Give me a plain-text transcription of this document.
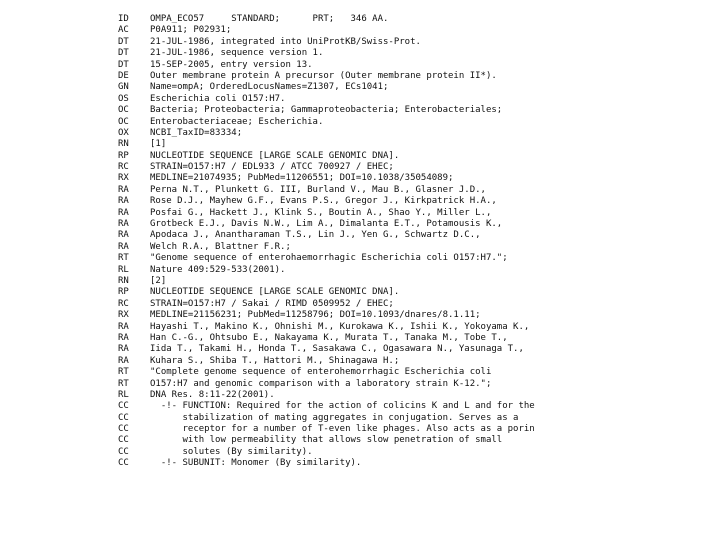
ID OMPA_ECO57     STANDARD;      PRT;   346 AA.
AC P0A911; P02931;
DT 21-JUL-1986, integrated into UniProtKB/Swiss-Prot.
DT 21-JUL-1986, sequence version 1.
DT 15-SEP-2005, entry version 13.
DE Outer membrane protein A precursor (Outer membrane protein II*).
GN Name=ompA; OrderedLocusNames=Z1307, ECs1041;
OS Escherichia coli O157:H7.
OC Bacteria; Proteobacteria; Gammaproteobacteria; Enterobacteriales;
OC Enterobacteriaceae; Escherichia.
OX NCBI_TaxID=83334;
RN [1]
RP NUCLEOTIDE SEQUENCE [LARGE SCALE GENOMIC DNA].
RC STRAIN=O157:H7 / EDL933 / ATCC 700927 / EHEC;
RX MEDLINE=21074935; PubMed=11206551; DOI=10.1038/35054089;
RA Perna N.T., Plunkett G. III, Burland V., Mau B., Glasner J.D.,
RA Rose D.J., Mayhew G.F., Evans P.S., Gregor J., Kirkpatrick H.A.,
RA Posfai G., Hackett J., Klink S., Boutin A., Shao Y., Miller L.,
RA Grotbeck E.J., Davis N.W., Lim A., Dimalanta E.T., Potamousis K.,
RA Apodaca J., Anantharaman T.S., Lin J., Yen G., Schwartz D.C.,
RA Welch R.A., Blattner F.R.;
RT "Genome sequence of enterohaemorrhagic Escherichia coli O157:H7.";
RL Nature 409:529-533(2001).
RN [2]
RP NUCLEOTIDE SEQUENCE [LARGE SCALE GENOMIC DNA].
RC STRAIN=O157:H7 / Sakai / RIMD 0509952 / EHEC;
RX MEDLINE=21156231; PubMed=11258796; DOI=10.1093/dnares/8.1.11;
RA Hayashi T., Makino K., Ohnishi M., Kurokawa K., Ishii K., Yokoyama K.,
RA Han C.-G., Ohtsubo E., Nakayama K., Murata T., Tanaka M., Tobe T.,
RA Iida T., Takami H., Honda T., Sasakawa C., Ogasawara N., Yasunaga T.,
RA Kuhara S., Shiba T., Hattori M., Shinagawa H.;
RT "Complete genome sequence of enterohemorrhagic Escherichia coli
RT O157:H7 and genomic comparison with a laboratory strain K-12.";
RL DNA Res. 8:11-22(2001).
CC  -!- FUNCTION: Required for the action of colicins K and L and for the
CC      stabilization of mating aggregates in conjugation. Serves as a
CC      receptor for a number of T-even like phages. Also acts as a porin
CC      with low permeability that allows slow penetration of small
CC      solutes (By similarity).
CC  -!- SUBUNIT: Monomer (By similarity).
